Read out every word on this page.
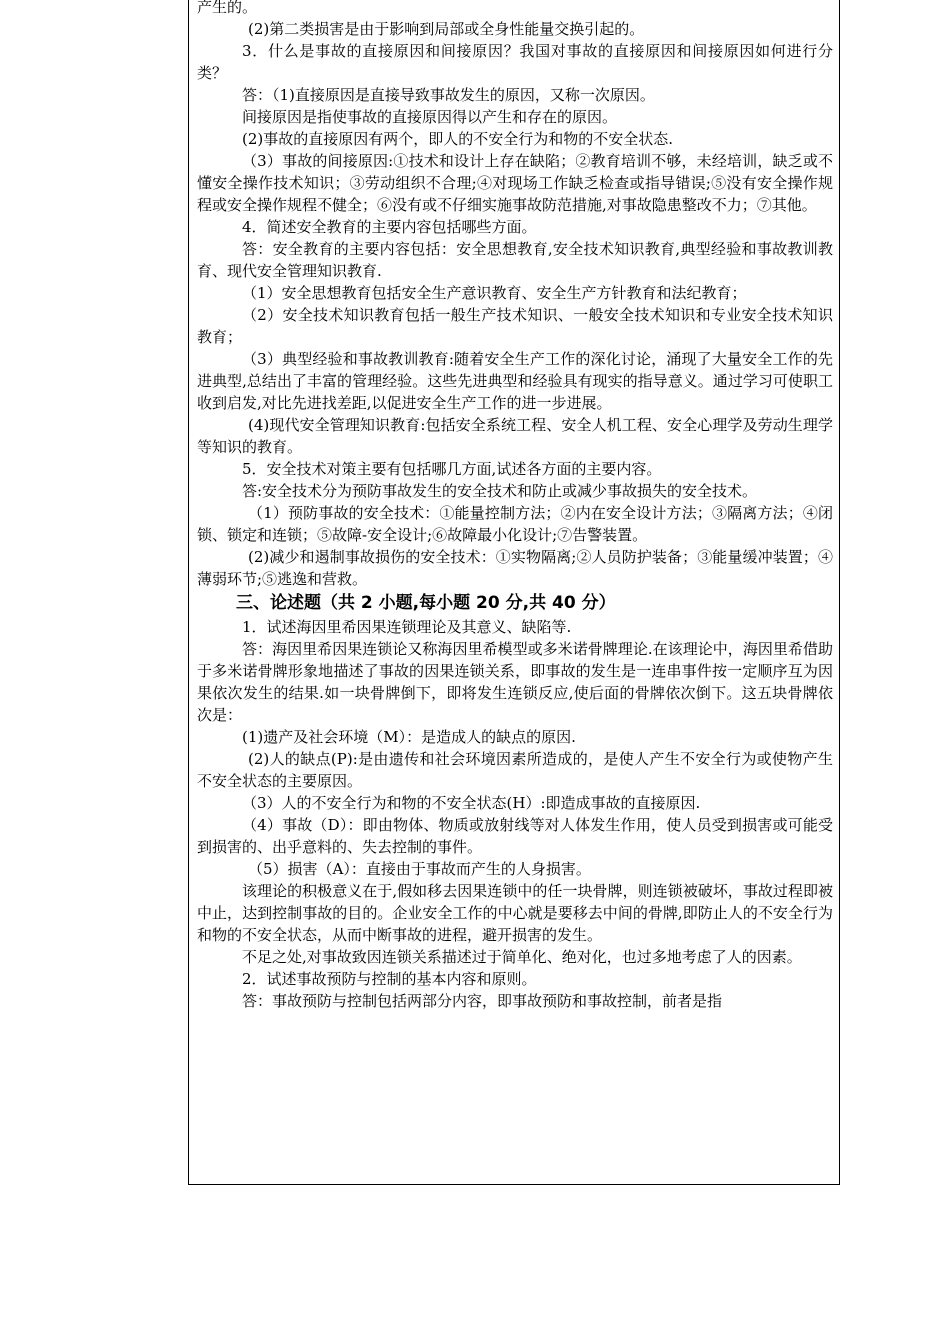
产生的。

(2)第二类损害是由于影响到局部或全身性能量交换引起的。

3．什么是事故的直接原因和间接原因？我国对事故的直接原因和间接原因如何进行分类？

答：（1)直接原因是直接导致事故发生的原因，又称一次原因。

间接原因是指使事故的直接原因得以产生和存在的原因。

(2)事故的直接原因有两个，即人的不安全行为和物的不安全状态.

（3）事故的间接原因:①技术和设计上存在缺陷；②教育培训不够，未经培训，缺乏或不懂安全操作技术知识；③劳动组织不合理;④对现场工作缺乏检查或指导错误;⑤没有安全操作规程或安全操作规程不健全；⑥没有或不仔细实施事故防范措施,对事故隐患整改不力；⑦其他。

4．简述安全教育的主要内容包括哪些方面。

答：安全教育的主要内容包括：安全思想教育,安全技术知识教育,典型经验和事故教训教育、现代安全管理知识教育.

（1）安全思想教育包括安全生产意识教育、安全生产方针教育和法纪教育；

（2）安全技术知识教育包括一般生产技术知识、一般安全技术知识和专业安全技术知识教育；

（3）典型经验和事故教训教育:随着安全生产工作的深化讨论，涌现了大量安全工作的先进典型,总结出了丰富的管理经验。这些先进典型和经验具有现实的指导意义。通过学习可使职工收到启发,对比先进找差距,以促进安全生产工作的进一步进展。

(4)现代安全管理知识教育:包括安全系统工程、安全人机工程、安全心理学及劳动生理学等知识的教育。

5．安全技术对策主要有包括哪几方面,试述各方面的主要内容。

答:安全技术分为预防事故发生的安全技术和防止或减少事故损失的安全技术。

（1）预防事故的安全技术：①能量控制方法；②内在安全设计方法；③隔离方法；④闭锁、锁定和连锁；⑤故障-安全设计;⑥故障最小化设计;⑦告警装置。

(2)减少和遏制事故损伤的安全技术：①实物隔离;②人员防护装备；③能量缓冲装置；④薄弱环节;⑤逃逸和营救。

三、论述题（共 2 小题,每小题 20 分,共 40 分）

1．试述海因里希因果连锁理论及其意义、缺陷等.

答：海因里希因果连锁论又称海因里希模型或多米诺骨牌理论.在该理论中，海因里希借助于多米诺骨牌形象地描述了事故的因果连锁关系，即事故的发生是一连串事件按一定顺序互为因果依次发生的结果.如一块骨牌倒下，即将发生连锁反应,使后面的骨牌依次倒下。这五块骨牌依次是：

(1)遗产及社会环境（M）：是造成人的缺点的原因.

(2)人的缺点(P):是由遗传和社会环境因素所造成的，是使人产生不安全行为或使物产生不安全状态的主要原因。

（3）人的不安全行为和物的不安全状态(H）:即造成事故的直接原因.

（4）事故（D）：即由物体、物质或放射线等对人体发生作用，使人员受到损害或可能受到损害的、出乎意料的、失去控制的事件。

（5）损害（A）：直接由于事故而产生的人身损害。

该理论的积极意义在于,假如移去因果连锁中的任一块骨牌，则连锁被破坏，事故过程即被中止，达到控制事故的目的。企业安全工作的中心就是要移去中间的骨牌,即防止人的不安全行为和物的不安全状态，从而中断事故的进程，避开损害的发生。

不足之处,对事故致因连锁关系描述过于简单化、绝对化，也过多地考虑了人的因素。

2．试述事故预防与控制的基本内容和原则。

答：事故预防与控制包括两部分内容，即事故预防和事故控制，前者是指
